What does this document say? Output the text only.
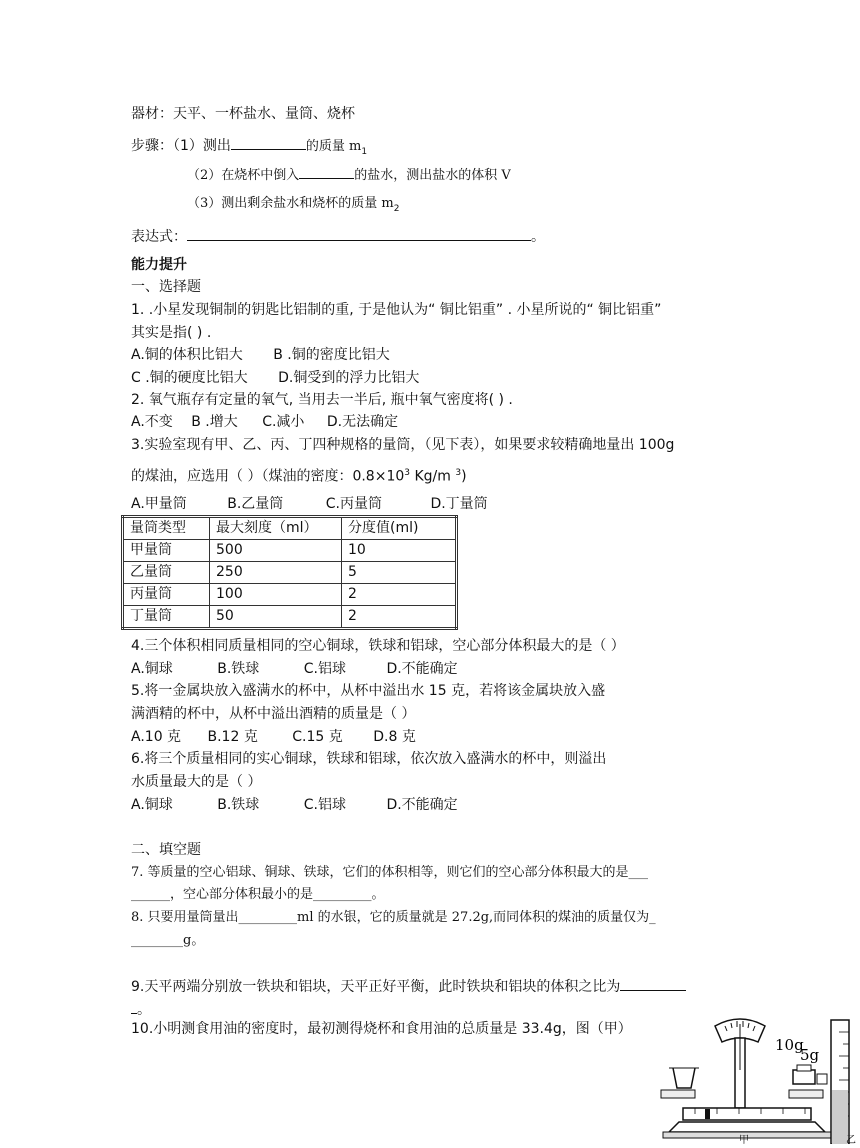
器材：天平、一杯盐水、量筒、烧杯
步骤：（1）测出	的质量 $m_1$
（2）在烧杯中倒入	的盐水，测出盐水的体积 V
（3）测出剩余盐水和烧杯的质量 $m_2$
表达式：	。
能力提升
一、选择题
1. .小星发现铜制的钥匙比铝制的重, 于是他认为“ 铜比铝重” . 小星所说的“ 铜比铝重”
其实是指( ) .
A.铜的体积比铝大 B .铜的密度比铝大
C .铜的硬度比铝大 D.铜受到的浮力比铝大
2. 氧气瓶存有定量的氧气, 当用去一半后, 瓶中氧气密度将( ) .
A.不变 B .增大 C.减小 D.无法确定
3.实验室现有甲、乙、丙、丁四种规格的量筒，（见下表），如果要求较精确地量出 100g
的煤油，应选用（ ）（煤油的密度：$0.8\times 10^3$ Kg/m $^3$)
A.甲量筒	B.乙量筒	C.丙量筒	D.丁量筒
量筒类型	最大刻度（ml）	分度值(ml)
甲量筒	500	10
乙量筒	250	5
丙量筒	100	2
丁量筒	50	2
4.三个体积相同质量相同的空心铜球，铁球和铝球，空心部分体积最大的是（ ）
A.铜球	B.铁球	C.铝球	D.不能确定
5.将一金属块放入盛满水的杯中，从杯中溢出水 15 克，若将该金属块放入盛
满酒精的杯中，从杯中溢出酒精的质量是（ ）
A.10 克 B.12 克 C.15 克 D.8 克
6.将三个质量相同的实心铜球，铁球和铝球，依次放入盛满水的杯中，则溢出
水质量最大的是（ ）
A.铜球	B.铁球	C.铝球	D.不能确定
二、填空题
7. 等质量的空心铝球、铜球、铁球，它们的体积相等，则它们的空心部分体积最大的是___
______，空心部分体积最小的是_________。
8. 只要用量筒量出_________ml 的水银，它的质量就是 27.2g,而同体积的煤油的质量仅为_
________g。
9.天平两端分别放一铁块和铝块，天平正好平衡，此时铁块和铝块的体积之比为
。
10.小明测食用油的密度时，最初测得烧杯和食用油的总质量是 33.4g，图（甲）
10g
5g
甲	乙
